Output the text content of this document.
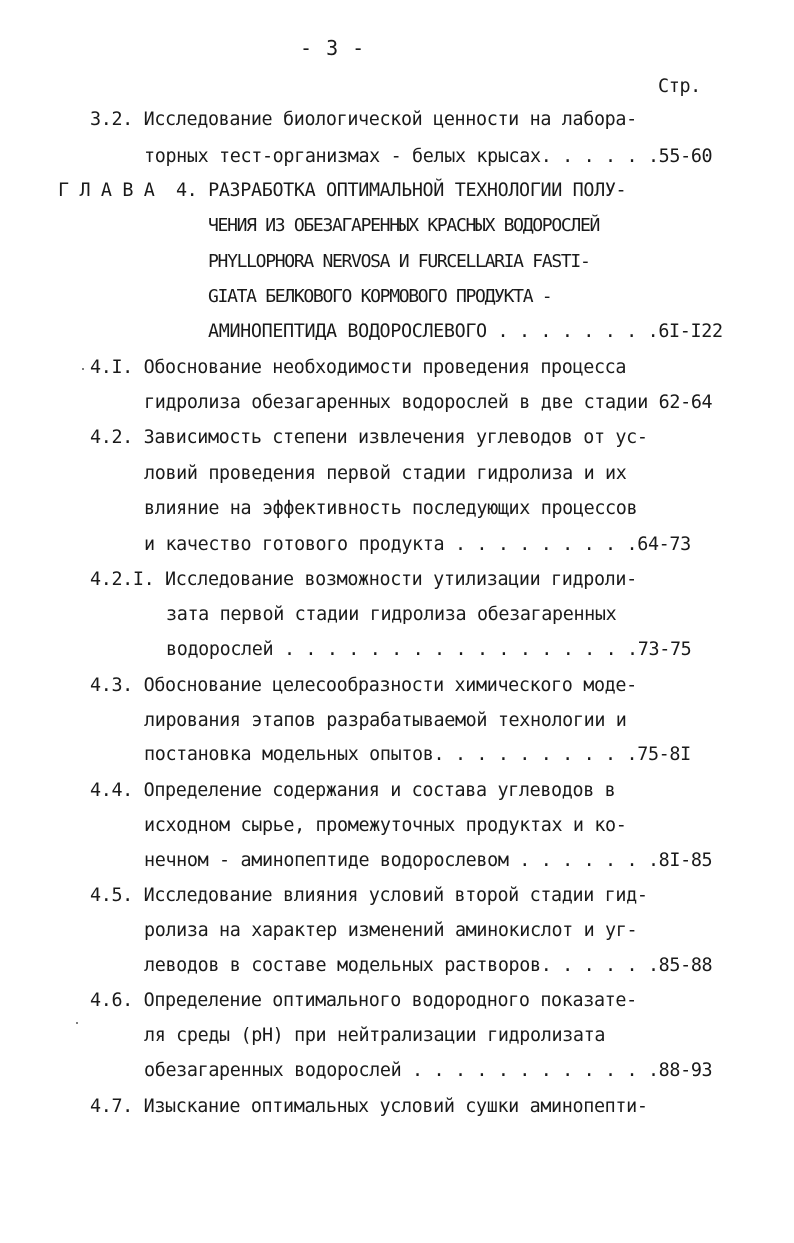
- 3 -
Стр.
3.2. Исследование биологической ценности на лабора-
торных тест-организмах - белых крысах. . . . . .55-60
Г Л А В А  4. РАЗРАБОТКА ОПТИМАЛЬНОЙ ТЕХНОЛОГИИ ПОЛУ-
ЧЕНИЯ ИЗ ОБЕЗАГАРЕННЫХ КРАСНЫХ ВОДОРОСЛЕЙ
PHYLLOPHORA NERVOSA И FURCELLARIA FASTI-
GIATA БЕЛКОВОГО КОРМОВОГО ПРОДУКТА -
АМИНОПЕПТИДА ВОДОРОСЛЕВОГО . . . . . . . .6I-I22
4.I. Обоснование необходимости проведения процесса
гидролиза обезагаренных водорослей в две стадии 62-64
4.2. Зависимость степени извлечения углеводов от ус-
ловий проведения первой стадии гидролиза и их
влияние на эффективность последующих процессов
и качество готового продукта . . . . . . . . .64-73
4.2.I. Исследование возможности утилизации гидроли-
зата первой стадии гидролиза обезагаренных
водорослей . . . . . . . . . . . . . . . . .73-75
4.3. Обоснование целесообразности химического моде-
лирования этапов разрабатываемой технологии и
постановка модельных опытов. . . . . . . . . .75-8I
4.4. Определение содержания и состава углеводов в
исходном сырье, промежуточных продуктах и ко-
нечном - аминопептиде водорослевом . . . . . . .8I-85
4.5. Исследование влияния условий второй стадии гид-
ролиза на характер изменений аминокислот и уг-
леводов в составе модельных растворов. . . . . .85-88
4.6. Определение оптимального водородного показате-
ля среды (рН) при нейтрализации гидролизата
обезагаренных водорослей . . . . . . . . . . . .88-93
4.7. Изыскание оптимальных условий сушки аминопепти-
